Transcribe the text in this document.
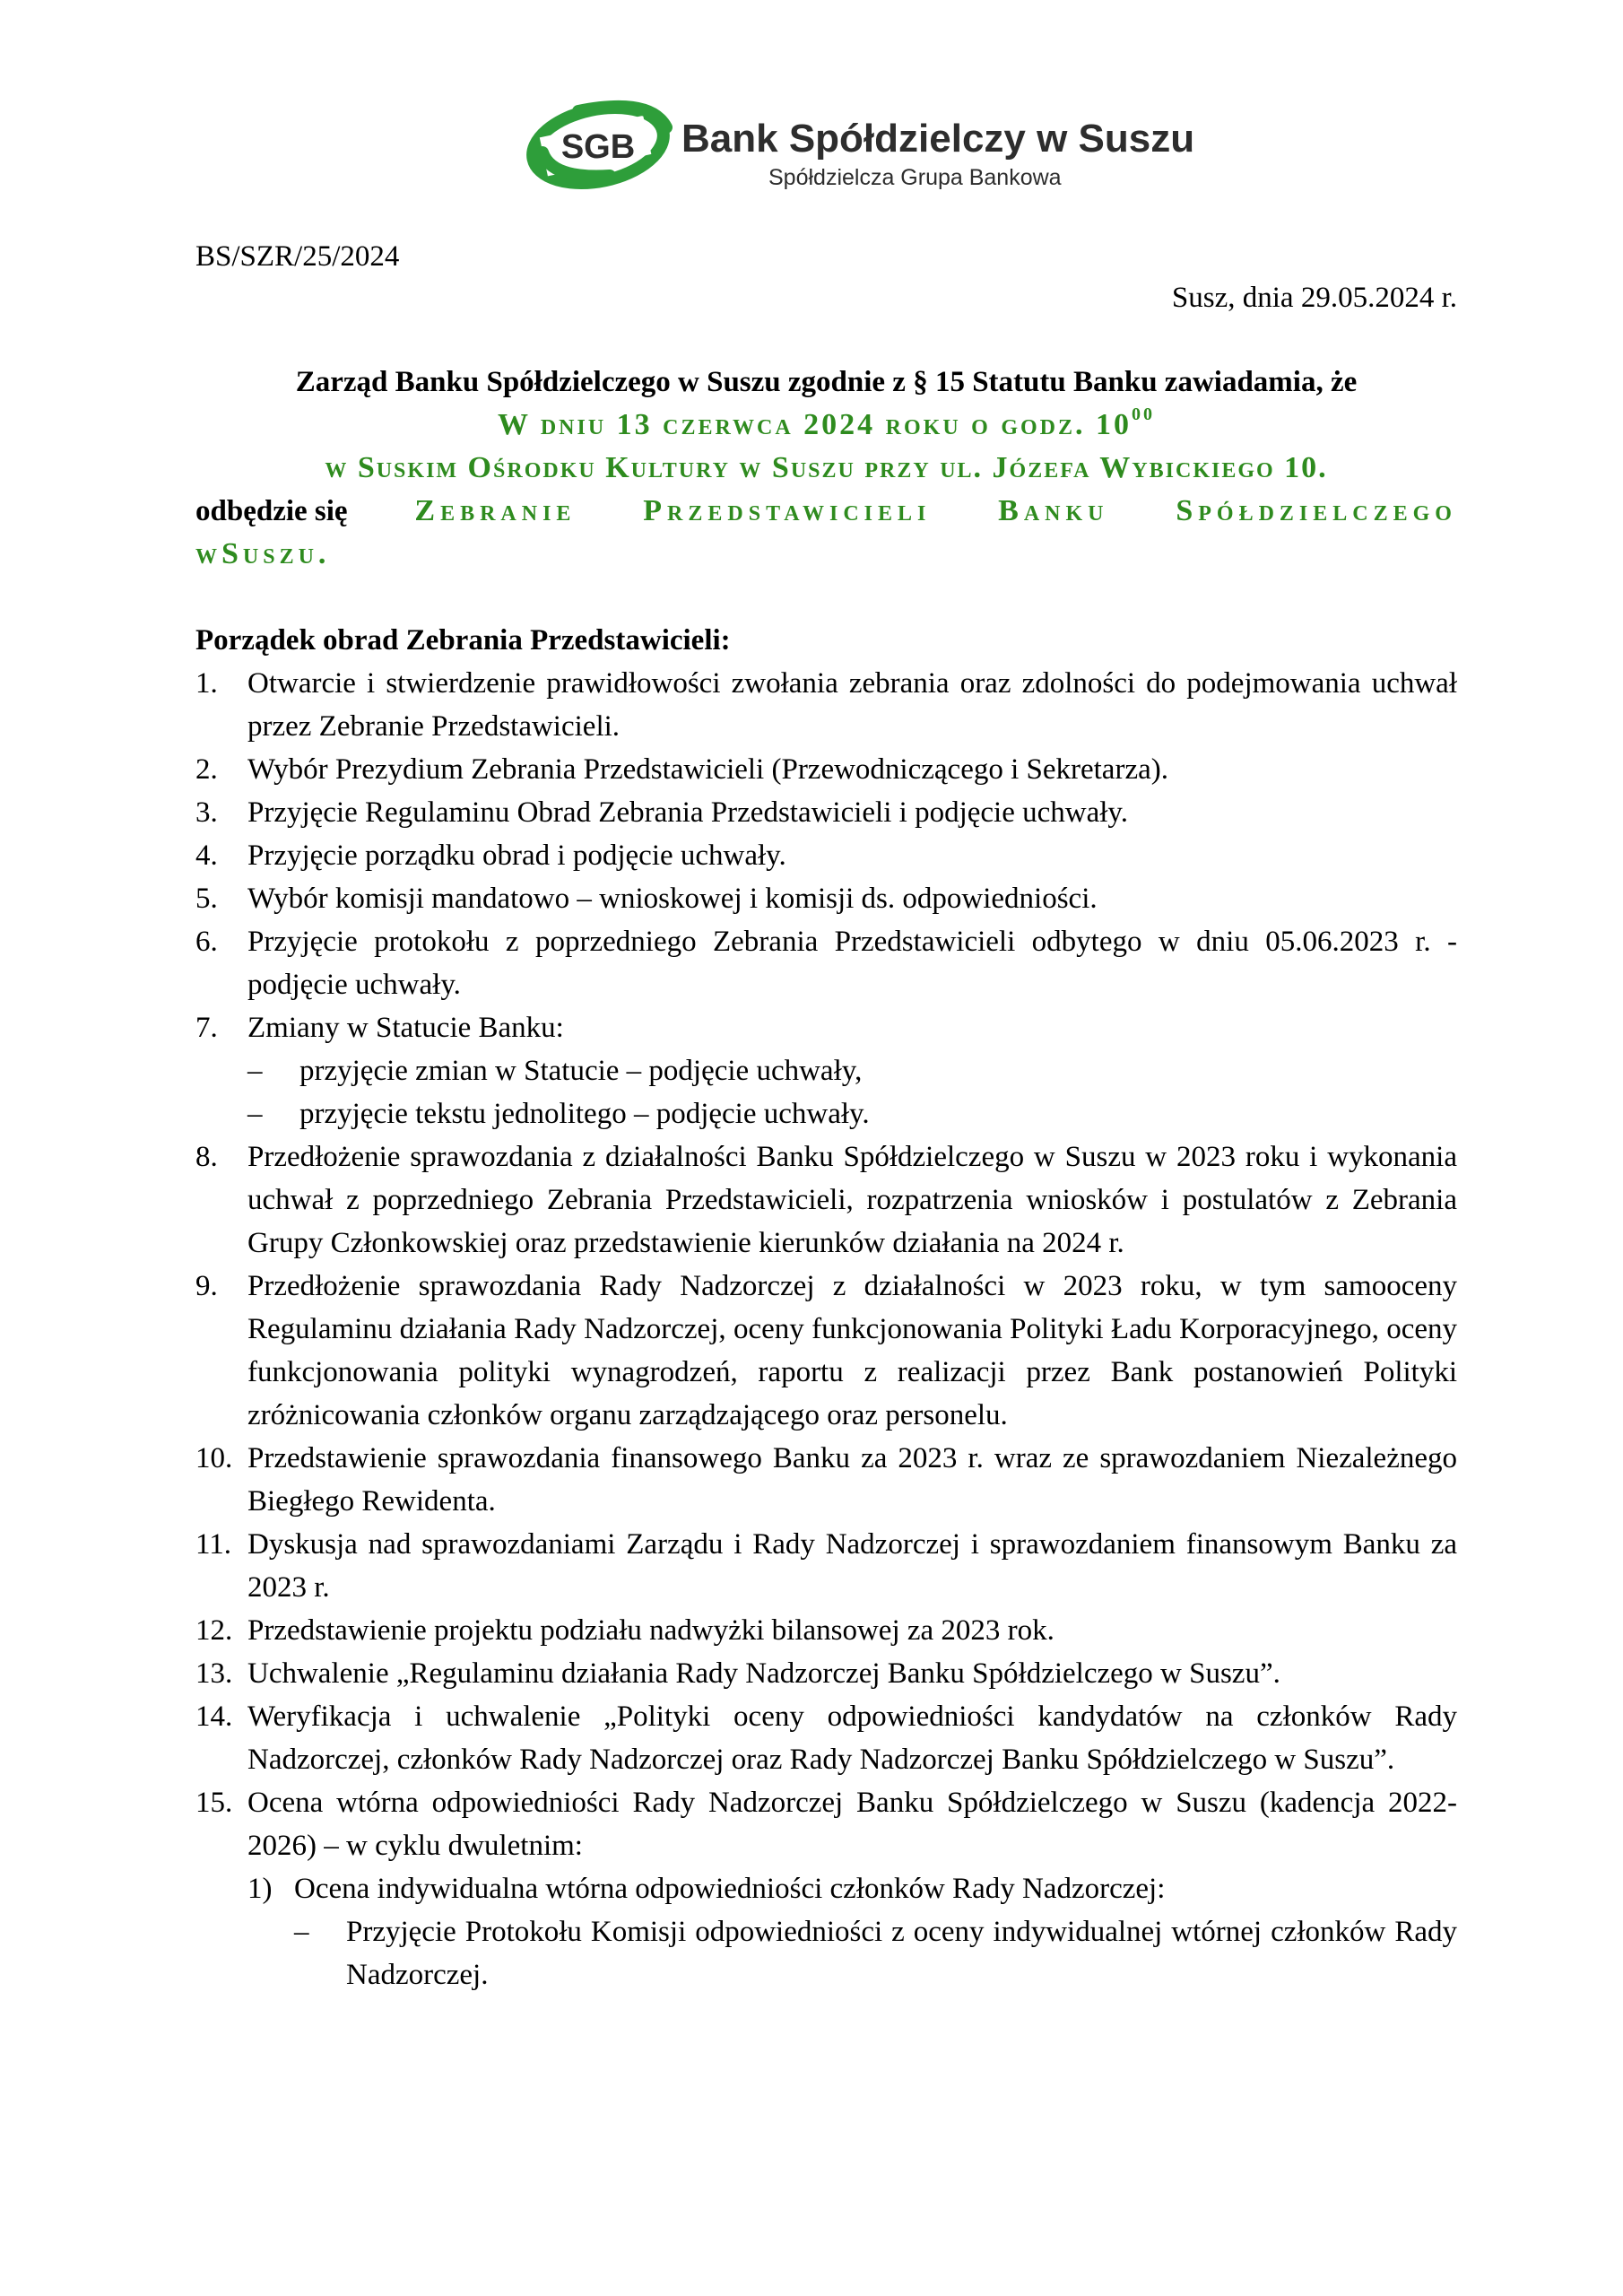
SGB Bank Spółdzielczy w Suszu
Spółdzielcza Grupa Bankowa
BS/SZR/25/2024
Susz, dnia 29.05.2024 r.
Zarząd Banku Spółdzielczego w Suszu zgodnie z § 15 Statutu Banku zawiadamia, że
W dniu 13 czerwca 2024 roku o godz. $10^{00}$
w Suskim Ośrodku Kultury w Suszu przy ul. Józefa Wybickiego 10.
odbędzie się Zebranie Przedstawicieli Banku Spółdzielczego
wSuszu.
Porządek obrad Zebrania Przedstawicieli:
1. Otwarcie i stwierdzenie prawidłowości zwołania zebrania oraz zdolności do podejmowania uchwał przez Zebranie Przedstawicieli.
2. Wybór Prezydium Zebrania Przedstawicieli (Przewodniczącego i Sekretarza).
3. Przyjęcie Regulaminu Obrad Zebrania Przedstawicieli i podjęcie uchwały.
4. Przyjęcie porządku obrad i podjęcie uchwały.
5. Wybór komisji mandatowo – wnioskowej i komisji ds. odpowiedniości.
6. Przyjęcie protokołu z poprzedniego Zebrania Przedstawicieli odbytego w dniu 05.06.2023 r. - podjęcie uchwały.
7. Zmiany w Statucie Banku:
– przyjęcie zmian w Statucie – podjęcie uchwały,
– przyjęcie tekstu jednolitego – podjęcie uchwały.
8. Przedłożenie sprawozdania z działalności Banku Spółdzielczego w Suszu w 2023 roku i wykonania uchwał z poprzedniego Zebrania Przedstawicieli, rozpatrzenia wniosków i postulatów z Zebrania Grupy Członkowskiej oraz przedstawienie kierunków działania na 2024 r.
9. Przedłożenie sprawozdania Rady Nadzorczej z działalności w 2023 roku, w tym samooceny Regulaminu działania Rady Nadzorczej, oceny funkcjonowania Polityki Ładu Korporacyjnego, oceny funkcjonowania polityki wynagrodzeń, raportu z realizacji przez Bank postanowień Polityki zróżnicowania członków organu zarządzającego oraz personelu.
10. Przedstawienie sprawozdania finansowego Banku za 2023 r. wraz ze sprawozdaniem Niezależnego Biegłego Rewidenta.
11. Dyskusja nad sprawozdaniami Zarządu i Rady Nadzorczej i sprawozdaniem finansowym Banku za 2023 r.
12. Przedstawienie projektu podziału nadwyżki bilansowej za 2023 rok.
13. Uchwalenie „Regulaminu działania Rady Nadzorczej Banku Spółdzielczego w Suszu”.
14. Weryfikacja i uchwalenie „Polityki oceny odpowiedniości kandydatów na członków Rady Nadzorczej, członków Rady Nadzorczej oraz Rady Nadzorczej Banku Spółdzielczego w Suszu”.
15. Ocena wtórna odpowiedniości Rady Nadzorczej Banku Spółdzielczego w Suszu (kadencja 2022-2026) – w cyklu dwuletnim:
1) Ocena indywidualna wtórna odpowiedniości członków Rady Nadzorczej:
– Przyjęcie Protokołu Komisji odpowiedniości z oceny indywidualnej wtórnej członków Rady Nadzorczej.
